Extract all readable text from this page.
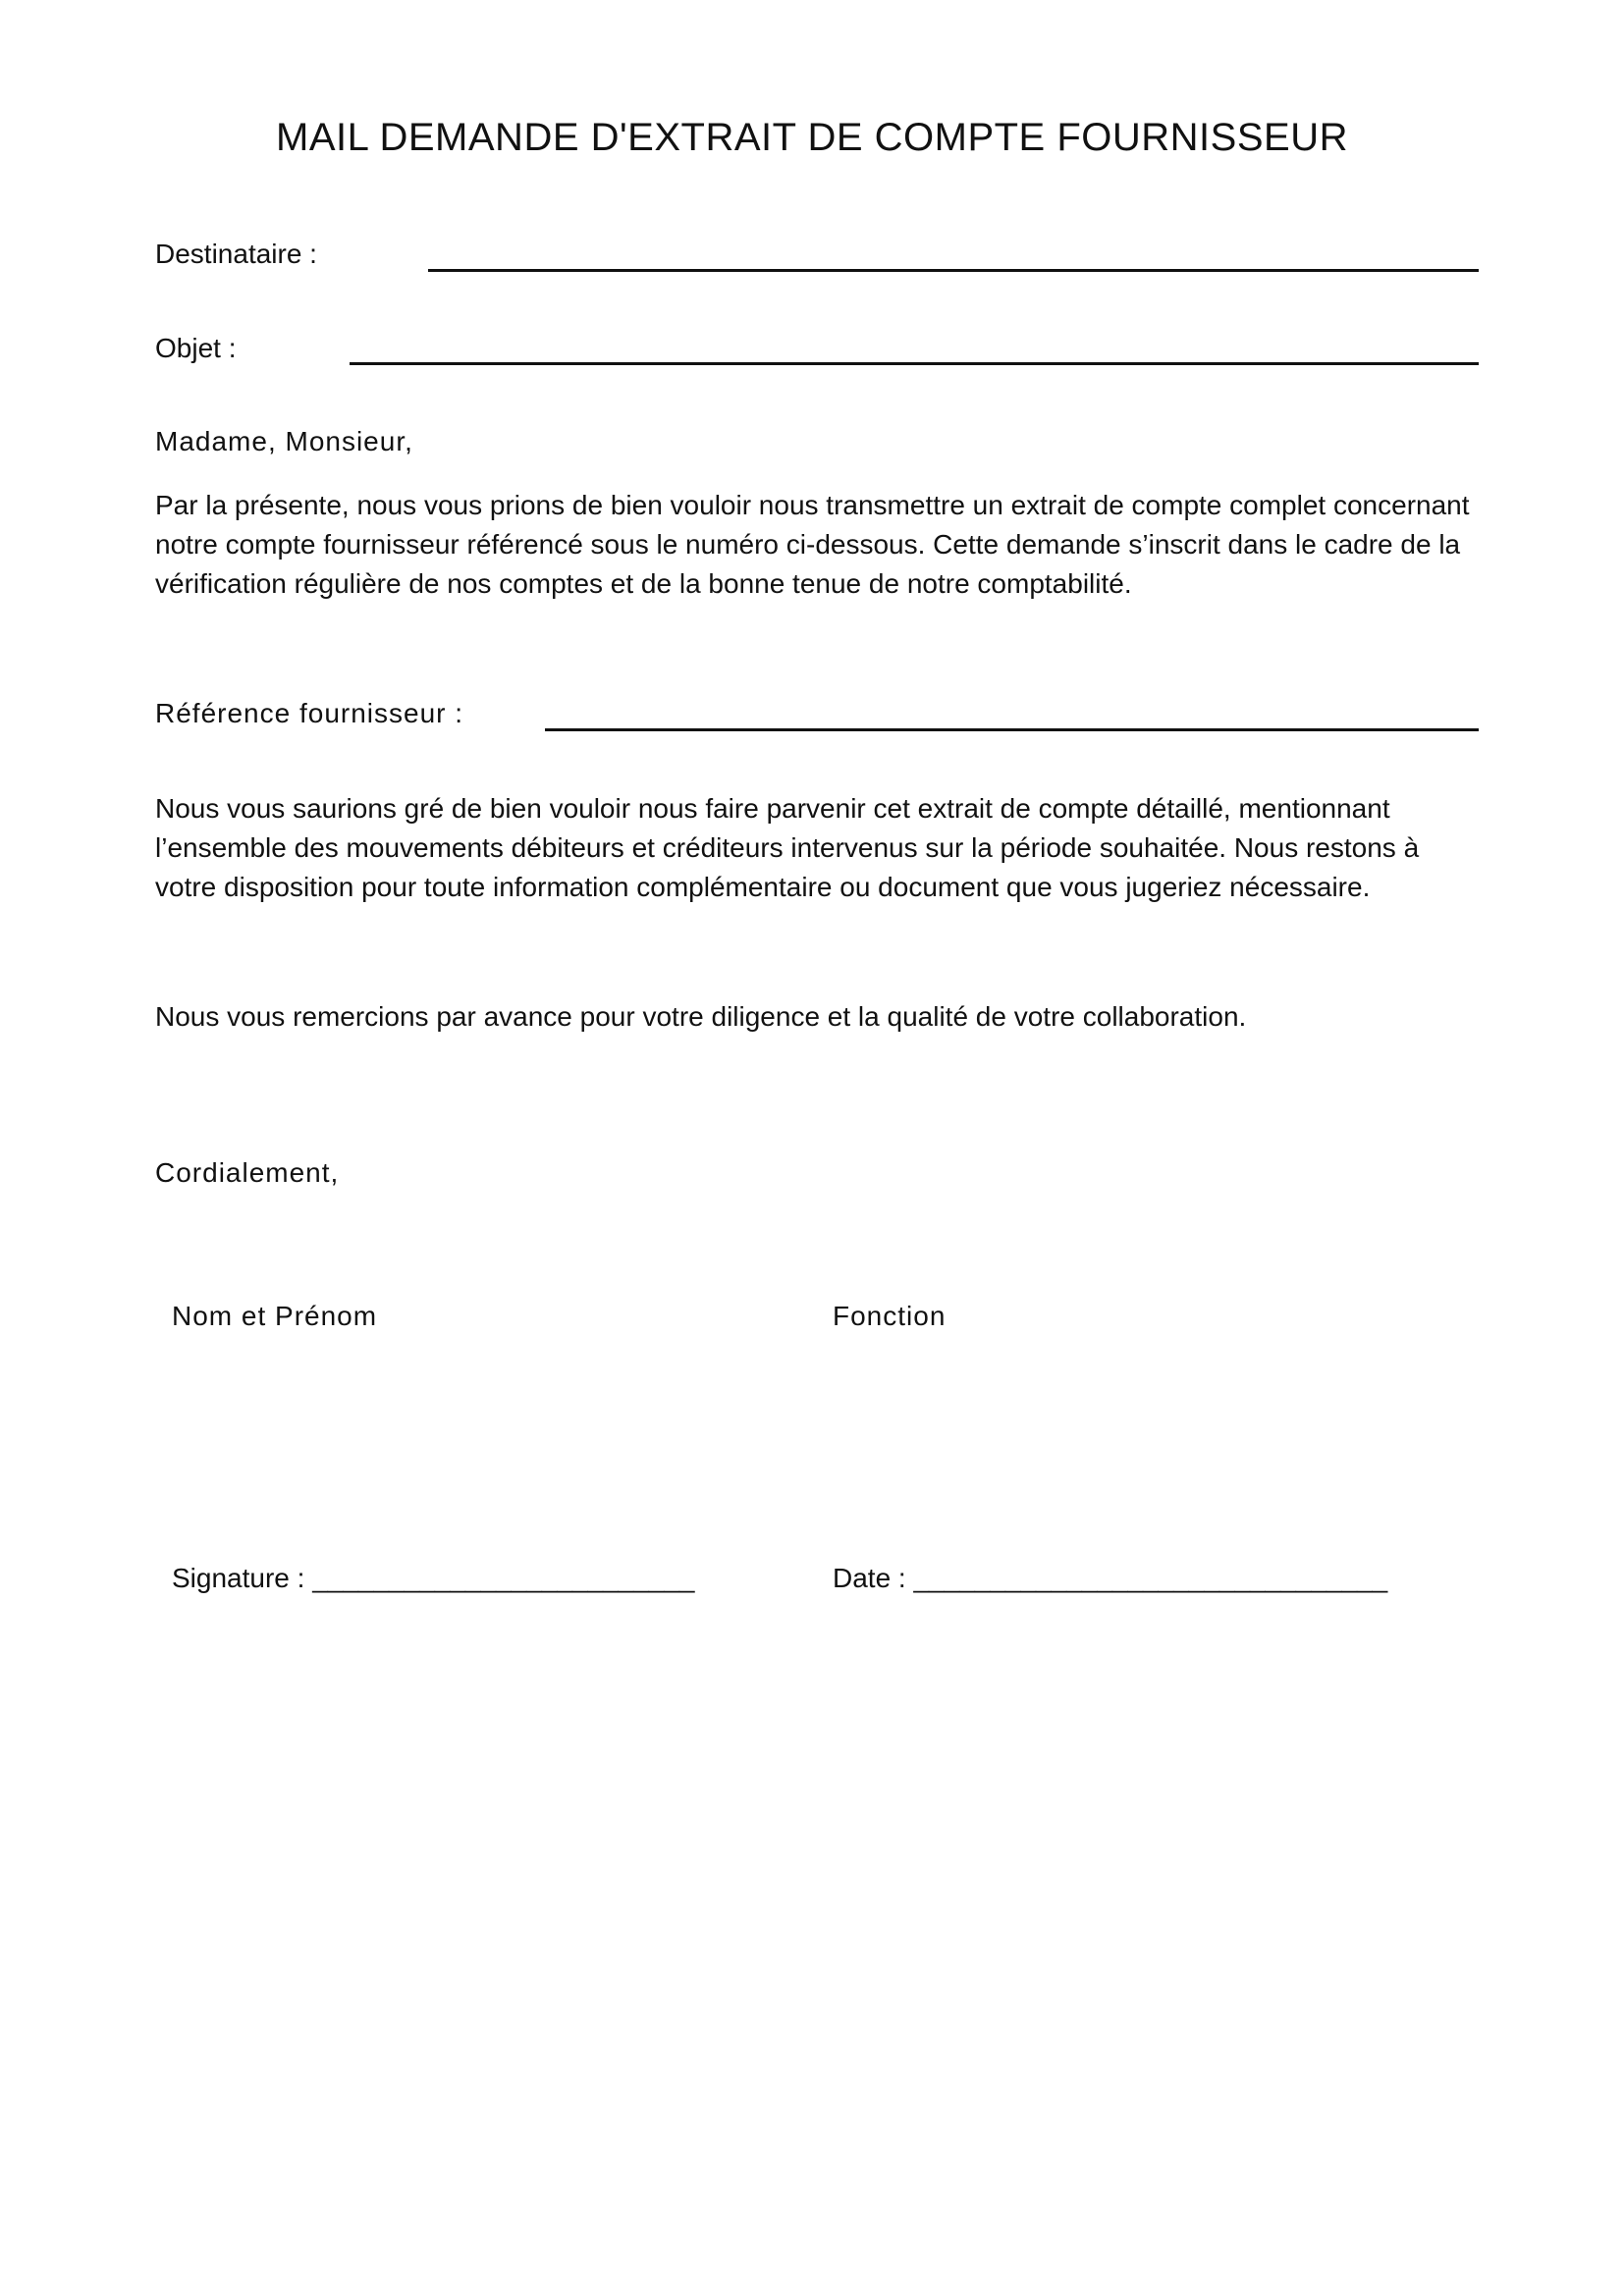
MAIL DEMANDE D'EXTRAIT DE COMPTE FOURNISSEUR
Destinataire :
Objet :
Madame, Monsieur,
Par la présente, nous vous prions de bien vouloir nous transmettre un extrait de compte complet concernant
notre compte fournisseur référencé sous le numéro ci-dessous. Cette demande s’inscrit dans le cadre de la
vérification régulière de nos comptes et de la bonne tenue de notre comptabilité.
Référence fournisseur :
Nous vous saurions gré de bien vouloir nous faire parvenir cet extrait de compte détaillé, mentionnant
l’ensemble des mouvements débiteurs et créditeurs intervenus sur la période souhaitée. Nous restons à
votre disposition pour toute information complémentaire ou document que vous jugeriez nécessaire.
Nous vous remercions par avance pour votre diligence et la qualité de votre collaboration.
Cordialement,
Nom et Prénom	Fonction
Signature : _________________________	Date : _______________________________
